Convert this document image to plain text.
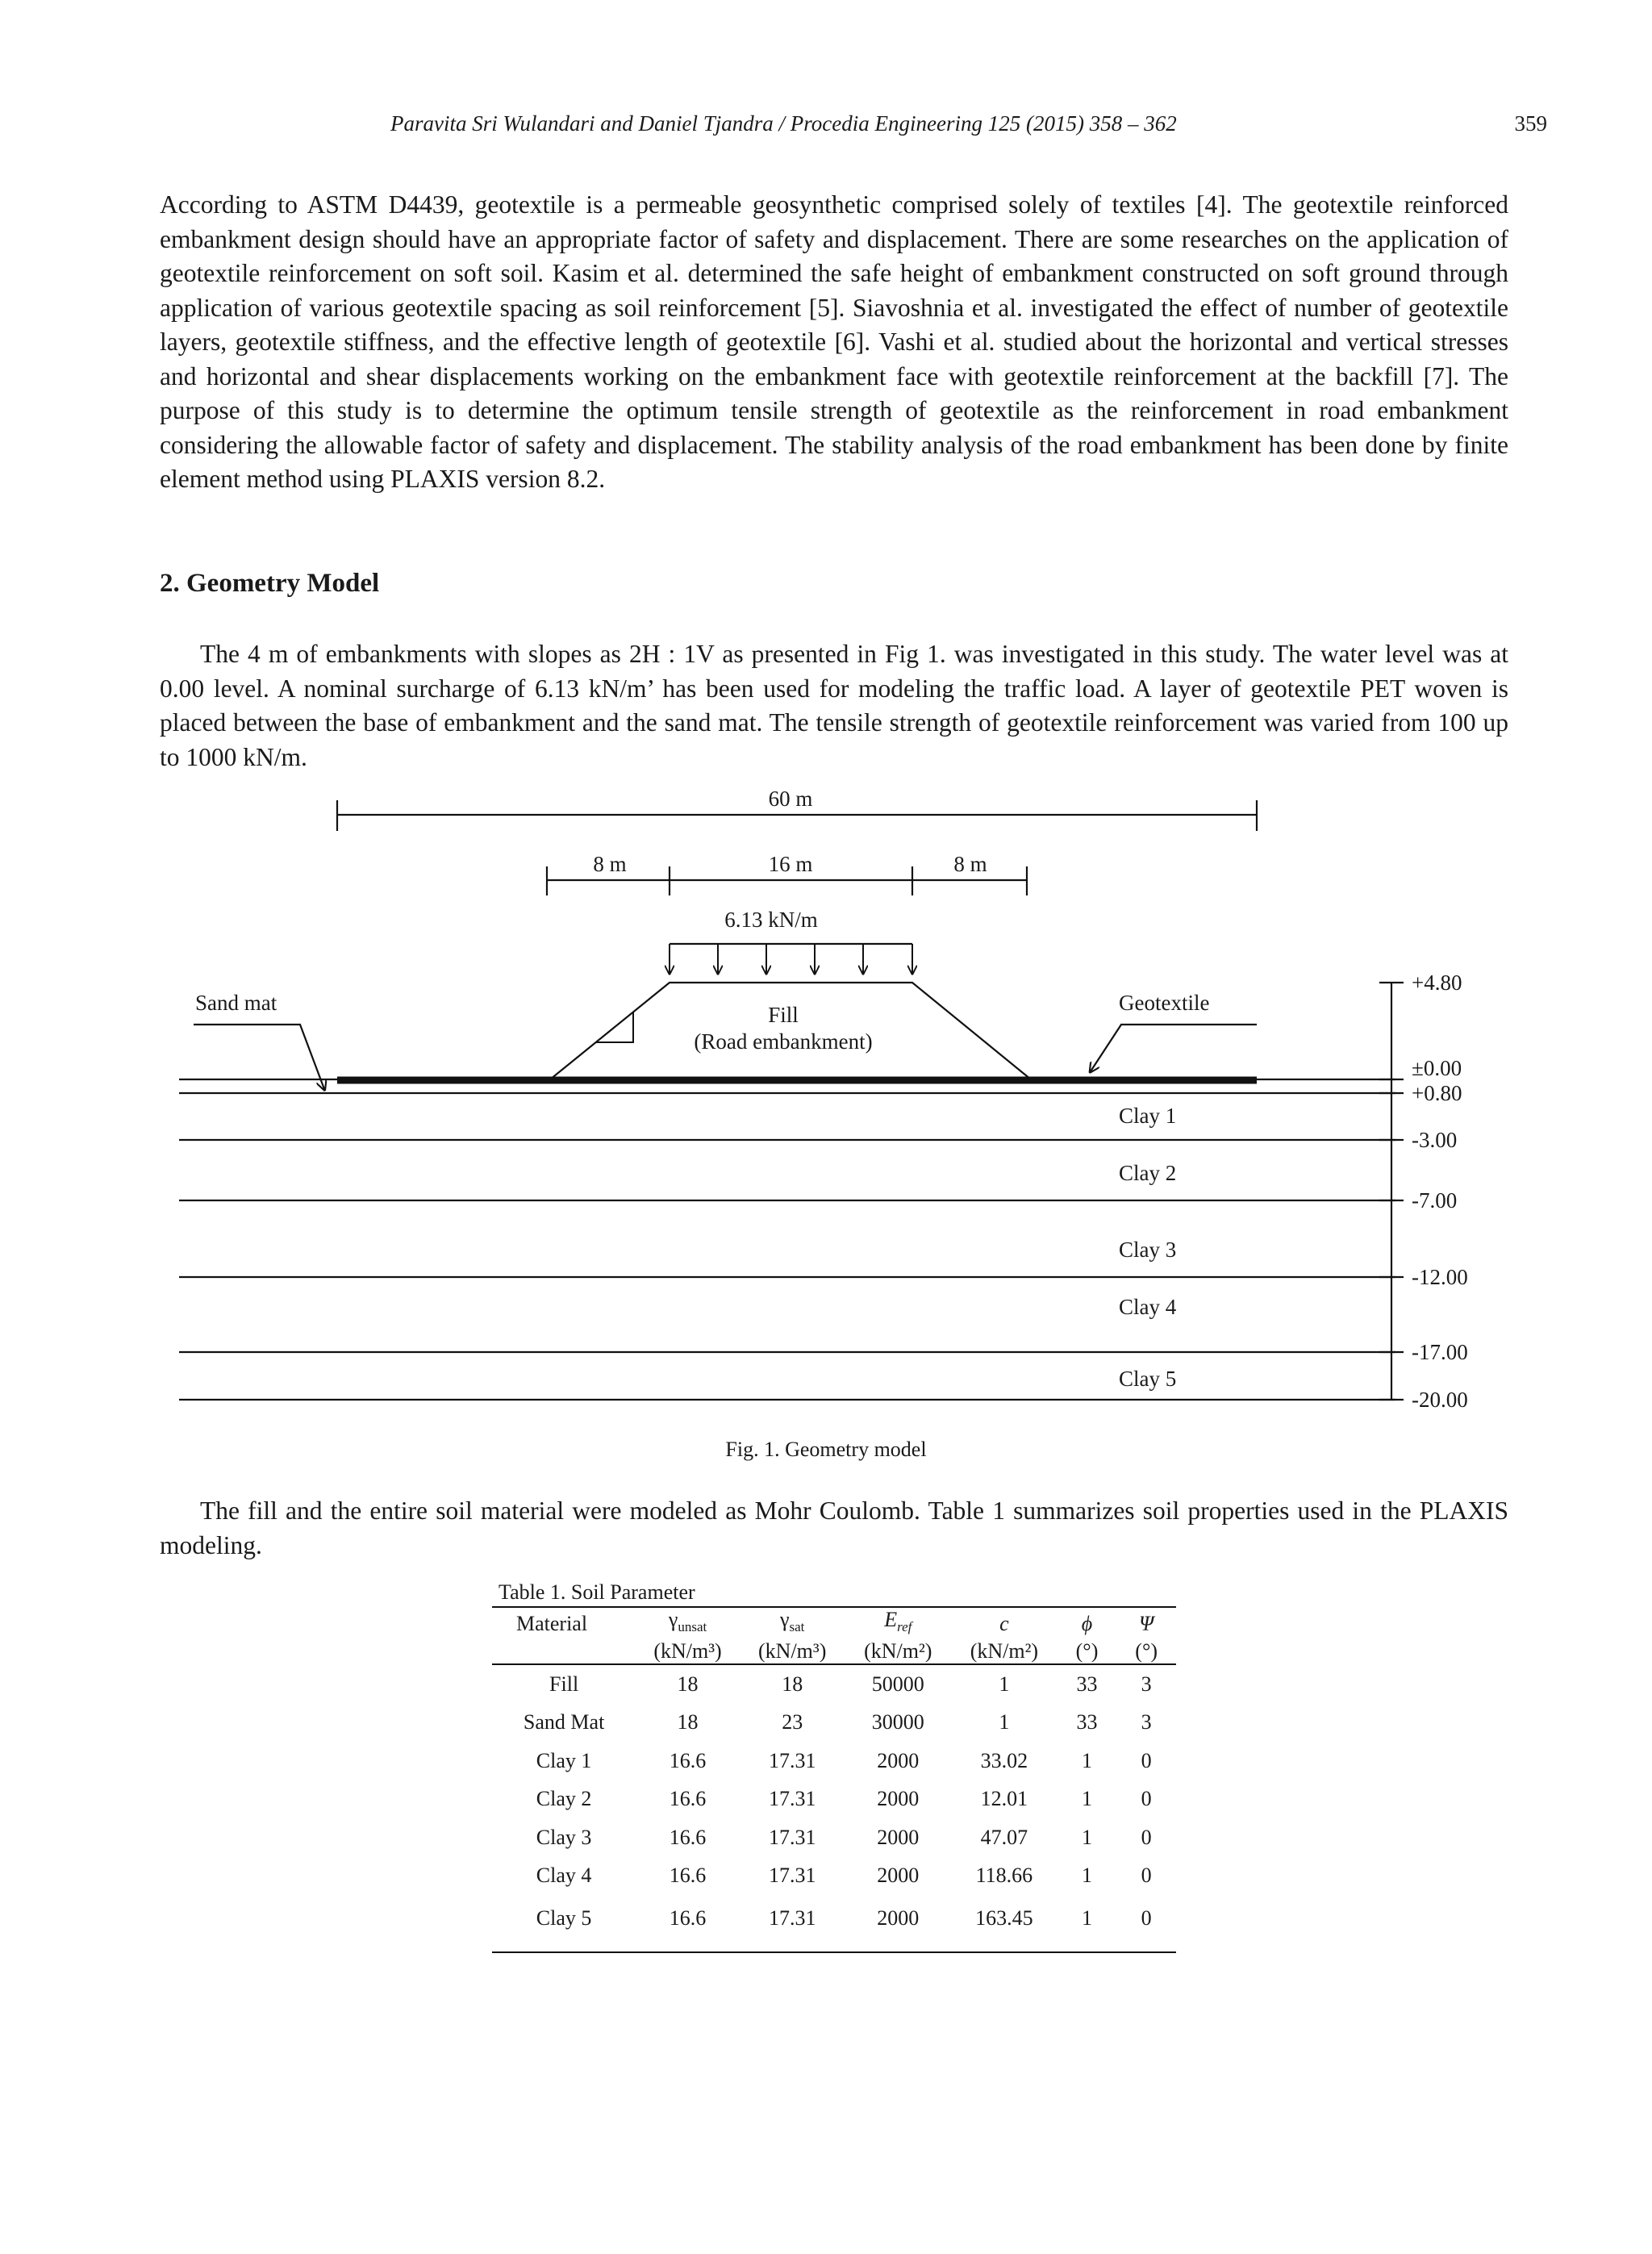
Paravita Sri Wulandari and Daniel Tjandra / Procedia Engineering 125 (2015) 358 – 362	359

According to ASTM D4439, geotextile is a permeable geosynthetic comprised solely of textiles [4]. The geotextile reinforced embankment design should have an appropriate factor of safety and displacement. There are some researches on the application of geotextile reinforcement on soft soil. Kasim et al. determined the safe height of embankment constructed on soft ground through application of various geotextile spacing as soil reinforcement [5]. Siavoshnia et al. investigated the effect of number of geotextile layers, geotextile stiffness, and the effective length of geotextile [6]. Vashi et al. studied about the horizontal and vertical stresses and horizontal and shear displacements working on the embankment face with geotextile reinforcement at the backfill [7]. The purpose of this study is to determine the optimum tensile strength of geotextile as the reinforcement in road embankment considering the allowable factor of safety and displacement. The stability analysis of the road embankment has been done by finite element method using PLAXIS version 8.2.

2. Geometry Model

The 4 m of embankments with slopes as 2H : 1V as presented in Fig 1. was investigated in this study. The water level was at 0.00 level. A nominal surcharge of 6.13 kN/m’ has been used for modeling the traffic load. A layer of geotextile PET woven is placed between the base of embankment and the sand mat. The tensile strength of geotextile reinforcement was varied from 100 up to 1000 kN/m.

60 m
8 m	16 m	8 m
6.13 kN/m
Fill
(Road embankment)
Sand mat	Geotextile
Clay 1
Clay 2
Clay 3
Clay 4
Clay 5
+4.80
±0.00
+0.80
-3.00
-7.00
-12.00
-17.00
-20.00
Fig. 1. Geometry model

The fill and the entire soil material were modeled as Mohr Coulomb. Table 1 summarizes soil properties used in the PLAXIS modeling.

Table 1. Soil Parameter
Material	$\gamma_{unsat}$	$\gamma_{sat}$	$E_{ref}$	c	ϕ	Ψ
	(kN/m³)	(kN/m³)	(kN/m²)	(kN/m²)	(°)	(°)
Fill	18	18	50000	1	33	3
Sand Mat	18	23	30000	1	33	3
Clay 1	16.6	17.31	2000	33.02	1	0
Clay 2	16.6	17.31	2000	12.01	1	0
Clay 3	16.6	17.31	2000	47.07	1	0
Clay 4	16.6	17.31	2000	118.66	1	0
Clay 5	16.6	17.31	2000	163.45	1	0
